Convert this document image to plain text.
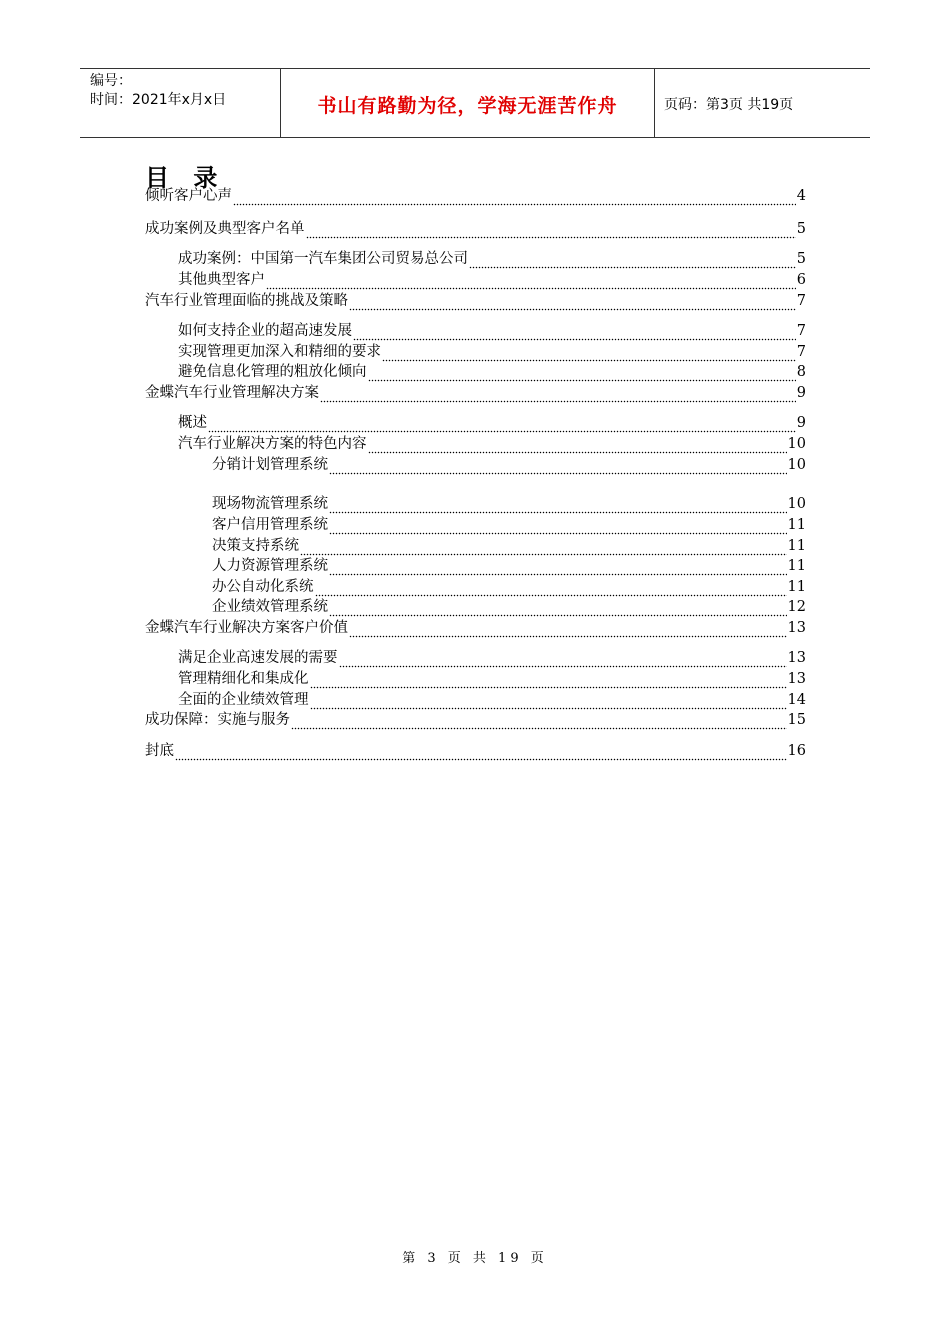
编号：
时间：2021年x月x日	书山有路勤为径，学海无涯苦作舟	页码：第3页 共19页
目 录
倾听客户心声	4
成功案例及典型客户名单	5
成功案例：中国第一汽车集团公司贸易总公司	5
其他典型客户	6
汽车行业管理面临的挑战及策略	7
如何支持企业的超高速发展	7
实现管理更加深入和精细的要求	7
避免信息化管理的粗放化倾向	8
金蝶汽车行业管理解决方案	9
概述	9
汽车行业解决方案的特色内容	10
分销计划管理系统	10
现场物流管理系统	10
客户信用管理系统	11
决策支持系统	11
人力资源管理系统	11
办公自动化系统	11
企业绩效管理系统	12
金蝶汽车行业解决方案客户价值	13
满足企业高速发展的需要	13
管理精细化和集成化	13
全面的企业绩效管理	14
成功保障：实施与服务	15
封底	16
第 3 页 共 19 页
